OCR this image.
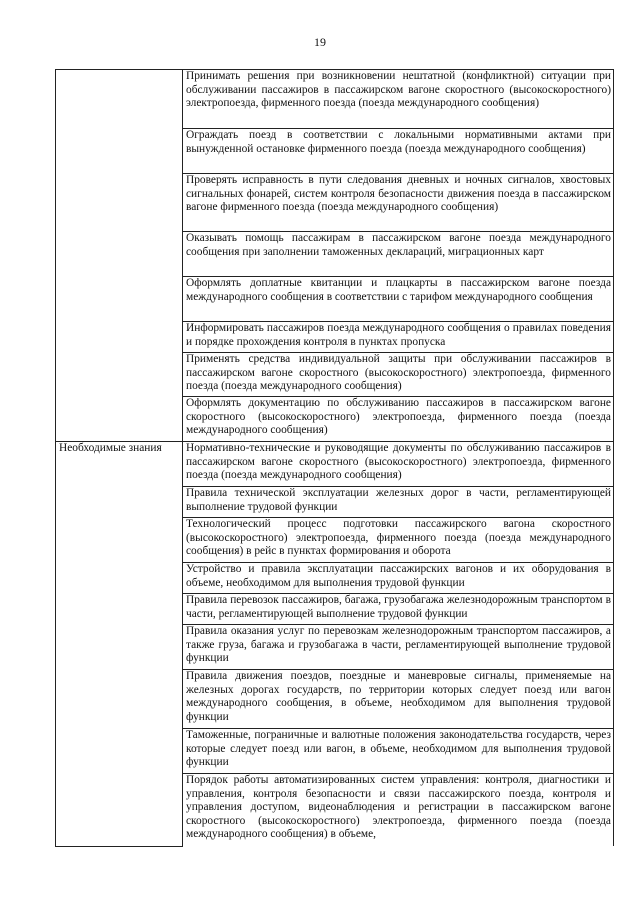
19

	Принимать решения при возникновении нештатной (конфликтной) ситуации при обслуживании пассажиров в пассажирском вагоне скоростного (высокоскоростного) электропоезда, фирменного поезда (поезда международного сообщения)

	Ограждать поезд в соответствии с локальными нормативными актами при вынужденной остановке фирменного поезда (поезда международного сообщения)

	Проверять исправность в пути следования дневных и ночных сигналов, хвостовых сигнальных фонарей, систем контроля безопасности движения поезда в пассажирском вагоне фирменного поезда (поезда международного сообщения)

	Оказывать помощь пассажирам в пассажирском вагоне поезда международного сообщения при заполнении таможенных деклараций, миграционных карт

	Оформлять доплатные квитанции и плацкарты в пассажирском вагоне поезда международного сообщения в соответствии с тарифом международного сообщения

	Информировать пассажиров поезда международного сообщения о правилах поведения и порядке прохождения контроля в пунктах пропуска

	Применять средства индивидуальной защиты при обслуживании пассажиров в пассажирском вагоне скоростного (высокоскоростного) электропоезда, фирменного поезда (поезда международного сообщения)

	Оформлять документацию по обслуживанию пассажиров в пассажирском вагоне скоростного (высокоскоростного) электропоезда, фирменного поезда (поезда международного сообщения)

Необходимые знания	Нормативно-технические и руководящие документы по обслуживанию пассажиров в пассажирском вагоне скоростного (высокоскоростного) электропоезда, фирменного поезда (поезда международного сообщения)

	Правила технической эксплуатации железных дорог в части, регламентирующей выполнение трудовой функции

	Технологический процесс подготовки пассажирского вагона скоростного (высокоскоростного) электропоезда, фирменного поезда (поезда международного сообщения) в рейс в пунктах формирования и оборота

	Устройство и правила эксплуатации пассажирских вагонов и их оборудования в объеме, необходимом для выполнения трудовой функции

	Правила перевозок пассажиров, багажа, грузобагажа железнодорожным транспортом в части, регламентирующей выполнение трудовой функции

	Правила оказания услуг по перевозкам железнодорожным транспортом пассажиров, а также груза, багажа и грузобагажа в части, регламентирующей выполнение трудовой функции

	Правила движения поездов, поездные и маневровые сигналы, применяемые на железных дорогах государств, по территории которых следует поезд или вагон международного сообщения, в объеме, необходимом для выполнения трудовой функции

	Таможенные, пограничные и валютные положения законодательства государств, через которые следует поезд или вагон, в объеме, необходимом для выполнения трудовой функции

	Порядок работы автоматизированных систем управления: контроля, диагностики и управления, контроля безопасности и связи пассажирского поезда, контроля и управления доступом, видеонаблюдения и регистрации в пассажирском вагоне скоростного (высокоскоростного) электропоезда, фирменного поезда (поезда международного сообщения) в объеме,
